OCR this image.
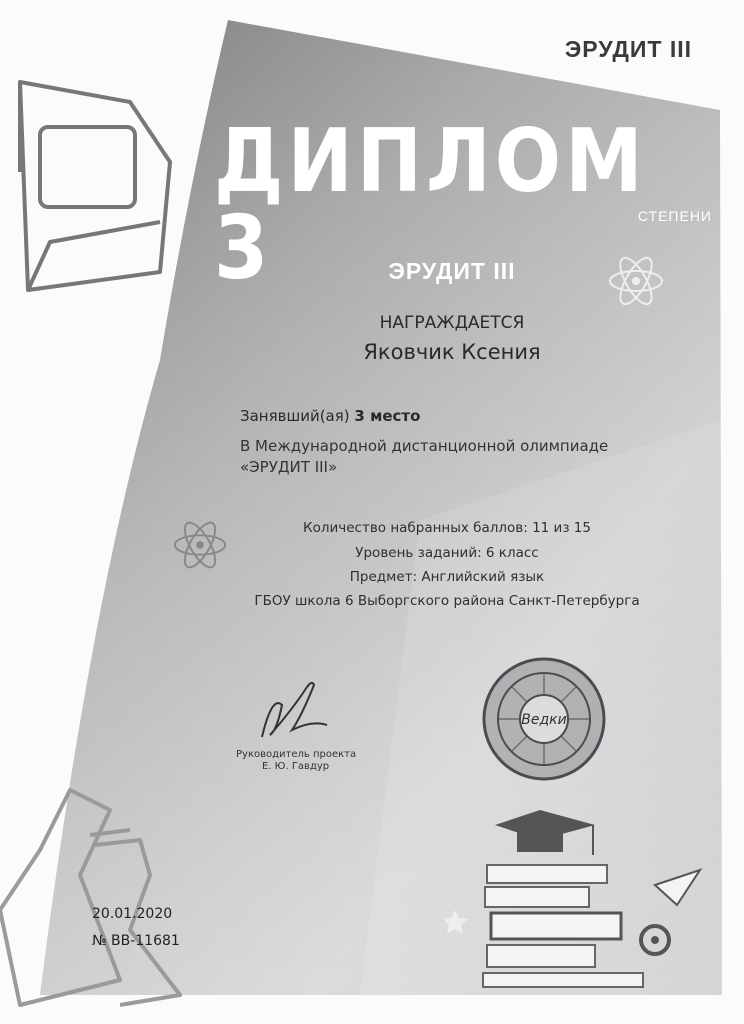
ЭРУДИТ III
ДИПЛОМ 3	СТЕПЕНИ
ЭРУДИТ III
НАГРАЖДАЕТСЯ
Яковчик Ксения
Занявший(ая) 3 место
В Международной дистанционной олимпиаде
«ЭРУДИТ III»
Количество набранных баллов: 11 из 15
Уровень заданий: 6 класс
Предмет: Английский язык
ГБОУ школа 6 Выборгского района Санкт-Петербурга
Руководитель проекта
Е. Ю. Гавдур
Ведки
20.01.2020
№ ВВ-11681
